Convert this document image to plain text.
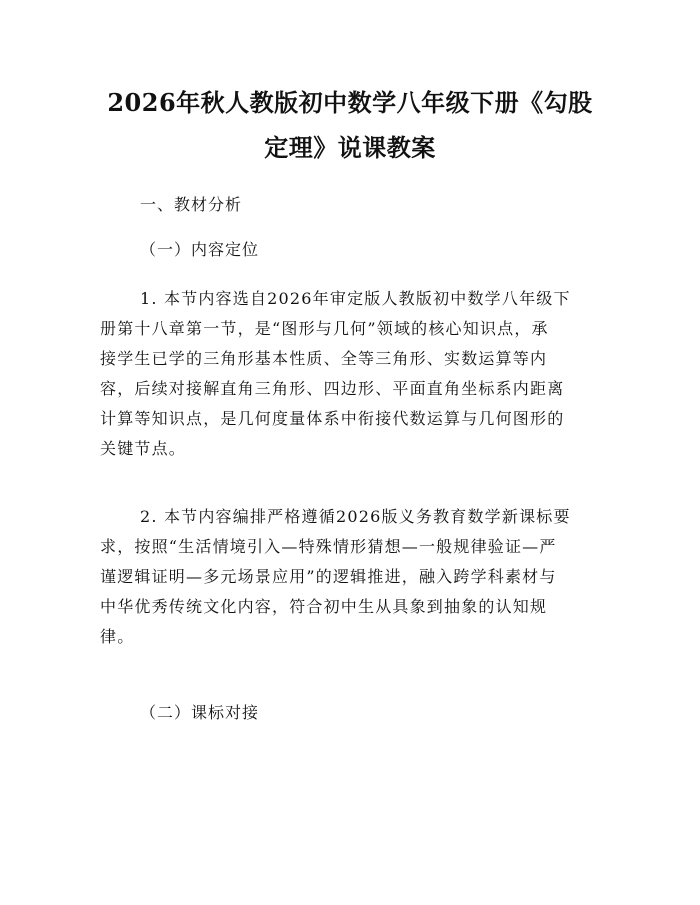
2026年秋人教版初中数学八年级下册《勾股
定理》说课教案
一、教材分析
（一）内容定位
1. 本节内容选自2026年审定版人教版初中数学八年级下
册第十八章第一节，是“图形与几何”领域的核心知识点，承
接学生已学的三角形基本性质、全等三角形、实数运算等内
容，后续对接解直角三角形、四边形、平面直角坐标系内距离
计算等知识点，是几何度量体系中衔接代数运算与几何图形的
关键节点。
2. 本节内容编排严格遵循2026版义务教育数学新课标要
求，按照“生活情境引入—特殊情形猜想—一般规律验证—严
谨逻辑证明—多元场景应用”的逻辑推进，融入跨学科素材与
中华优秀传统文化内容，符合初中生从具象到抽象的认知规
律。
（二）课标对接
